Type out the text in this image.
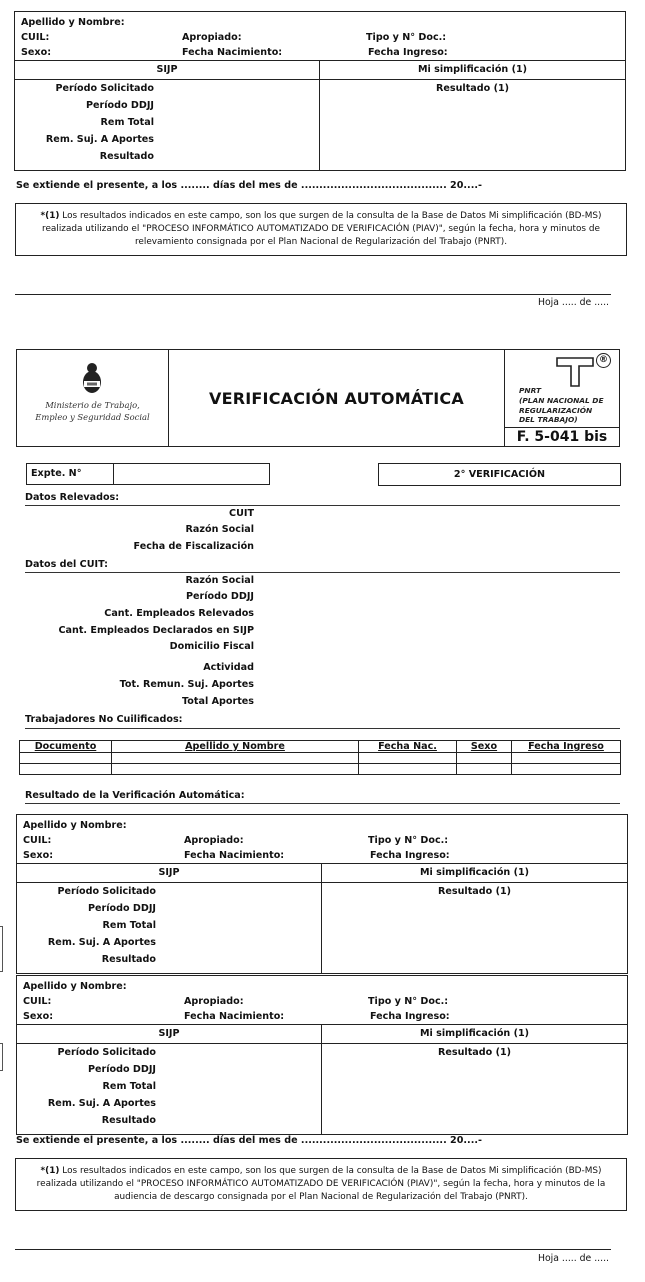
Apellido y Nombre:
CUIL:	Apropiado:	Tipo y N° Doc.:
Sexo:	Fecha Nacimiento:	Fecha Ingreso:
SIJP	Mi simplificación (1)
Período Solicitado
Período DDJJ
Rem Total
Rem. Suj. A Aportes
Resultado
Resultado (1)
Se extiende el presente, a los ........ días del mes de ........................................ 20....-
*(1) Los resultados indicados en este campo, son los que surgen de la consulta de la Base de Datos Mi simplificación (BD-MS) realizada utilizando el "PROCESO INFORMÁTICO AUTOMATIZADO DE VERIFICACIÓN (PIAV)", según la fecha, hora y minutos de relevamiento consignada por el Plan Nacional de Regularización del Trabajo (PNRT).
Hoja ..... de .....
Ministerio de Trabajo,
Empleo y Seguridad Social
VERIFICACIÓN AUTOMÁTICA
®
PNRT
(PLAN NACIONAL DE
REGULARIZACIÓN
DEL TRABAJO)
F. 5-041 bis
Expte. N°	2° VERIFICACIÓN
Datos Relevados:
CUIT
Razón Social
Fecha de Fiscalización
Datos del CUIT:
Razón Social
Período DDJJ
Cant. Empleados Relevados
Cant. Empleados Declarados en SIJP
Domicilio Fiscal
Actividad
Tot. Remun. Suj. Aportes
Total Aportes
Trabajadores No Cuilificados:
Documento	Apellido y Nombre	Fecha Nac.	Sexo	Fecha Ingreso

Resultado de la Verificación Automática:
Apellido y Nombre:
CUIL:	Apropiado:	Tipo y N° Doc.:
Sexo:	Fecha Nacimiento:	Fecha Ingreso:
SIJP	Mi simplificación (1)
Período Solicitado
Período DDJJ
Rem Total
Rem. Suj. A Aportes
Resultado
Resultado (1)
Apellido y Nombre:
CUIL:	Apropiado:	Tipo y N° Doc.:
Sexo:	Fecha Nacimiento:	Fecha Ingreso:
SIJP	Mi simplificación (1)
Período Solicitado
Período DDJJ
Rem Total
Rem. Suj. A Aportes
Resultado
Resultado (1)
Se extiende el presente, a los ........ días del mes de ........................................ 20....-
*(1) Los resultados indicados en este campo, son los que surgen de la consulta de la Base de Datos Mi simplificación (BD-MS) realizada utilizando el "PROCESO INFORMÁTICO AUTOMATIZADO DE VERIFICACIÓN (PIAV)", según la fecha, hora y minutos de la audiencia de descargo consignada por el Plan Nacional de Regularización del Trabajo (PNRT).
Hoja ..... de .....
